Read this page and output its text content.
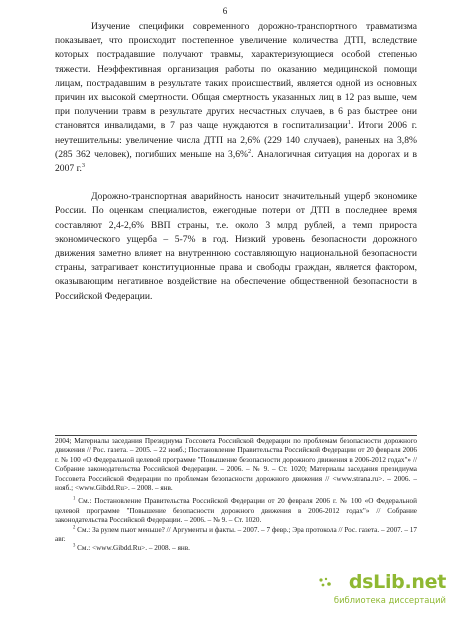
6

Изучение специфики современного дорожно-транспортного травматизма показывает, что происходит постепенное увеличение количества ДТП, вследствие которых пострадавшие получают травмы, характеризующиеся особой степенью тяжести. Неэффективная организация работы по оказанию медицинской помощи лицам, пострадавшим в результате таких происшествий, является одной из основных причин их высокой смертности. Общая смертность указанных лиц в 12 раз выше, чем при получении травм в результате других несчастных случаев, в 6 раз быстрее они становятся инвалидами, в 7 раз чаще нуждаются в госпитализации$^1$. Итоги 2006 г. неутешительны: увеличение числа ДТП на 2,6% (229 140 случаев), раненых на 3,8% (285 362 человек), погибших меньше на 3,6%$^2$. Аналогичная ситуация на дорогах и в 2007 г.$^3$

Дорожно-транспортная аварийность наносит значительный ущерб экономике России. По оценкам специалистов, ежегодные потери от ДТП в последнее время составляют 2,4-2,6% ВВП страны, т.е. около 3 млрд рублей, а темп прироста экономического ущерба – 5-7% в год. Низкий уровень безопасности дорожного движения заметно влияет на внутреннюю составляющую национальной безопасности страны, затрагивает конституционные права и свободы граждан, является фактором, оказывающим негативное воздействие на обеспечение общественной безопасности в Российской Федерации.

2004; Материалы заседания Президиума Госсовета Российской Федерации по проблемам безопасности дорожного движения // Рос. газета. – 2005. – 22 нояб.; Постановление Правительства Российской Федерации от 20 февраля 2006 г. № 100 «О Федеральной целевой программе "Повышение безопасности дорожного движения в 2006-2012 годах"» // Собрание законодательства Российской Федерации. – 2006. – № 9. – Ст. 1020; Материалы заседания президиума Госсовета Российской Федерации по проблемам безопасности дорожного движения // <www.strana.ru>. – 2006. – нояб.; <www.Gibdd.Ru>. – 2008. – янв.

$^1$ См.: Постановление Правительства Российской Федерации от 20 февраля 2006 г. № 100 «О Федеральной целевой программе "Повышение безопасности дорожного движения в 2006-2012 годах"» // Собрание законодательства Российской Федерации. – 2006. – № 9. – Ст. 1020.

$^2$ См.: За рулем пьют меньше? // Аргументы и факты. – 2007. – 7 февр.; Эра протокола // Рос. газета. – 2007. – 17 авг.

$^3$ См.: <www.Gibdd.Ru>. – 2008. – янв.

dsLib.net
библиотека диссертаций
